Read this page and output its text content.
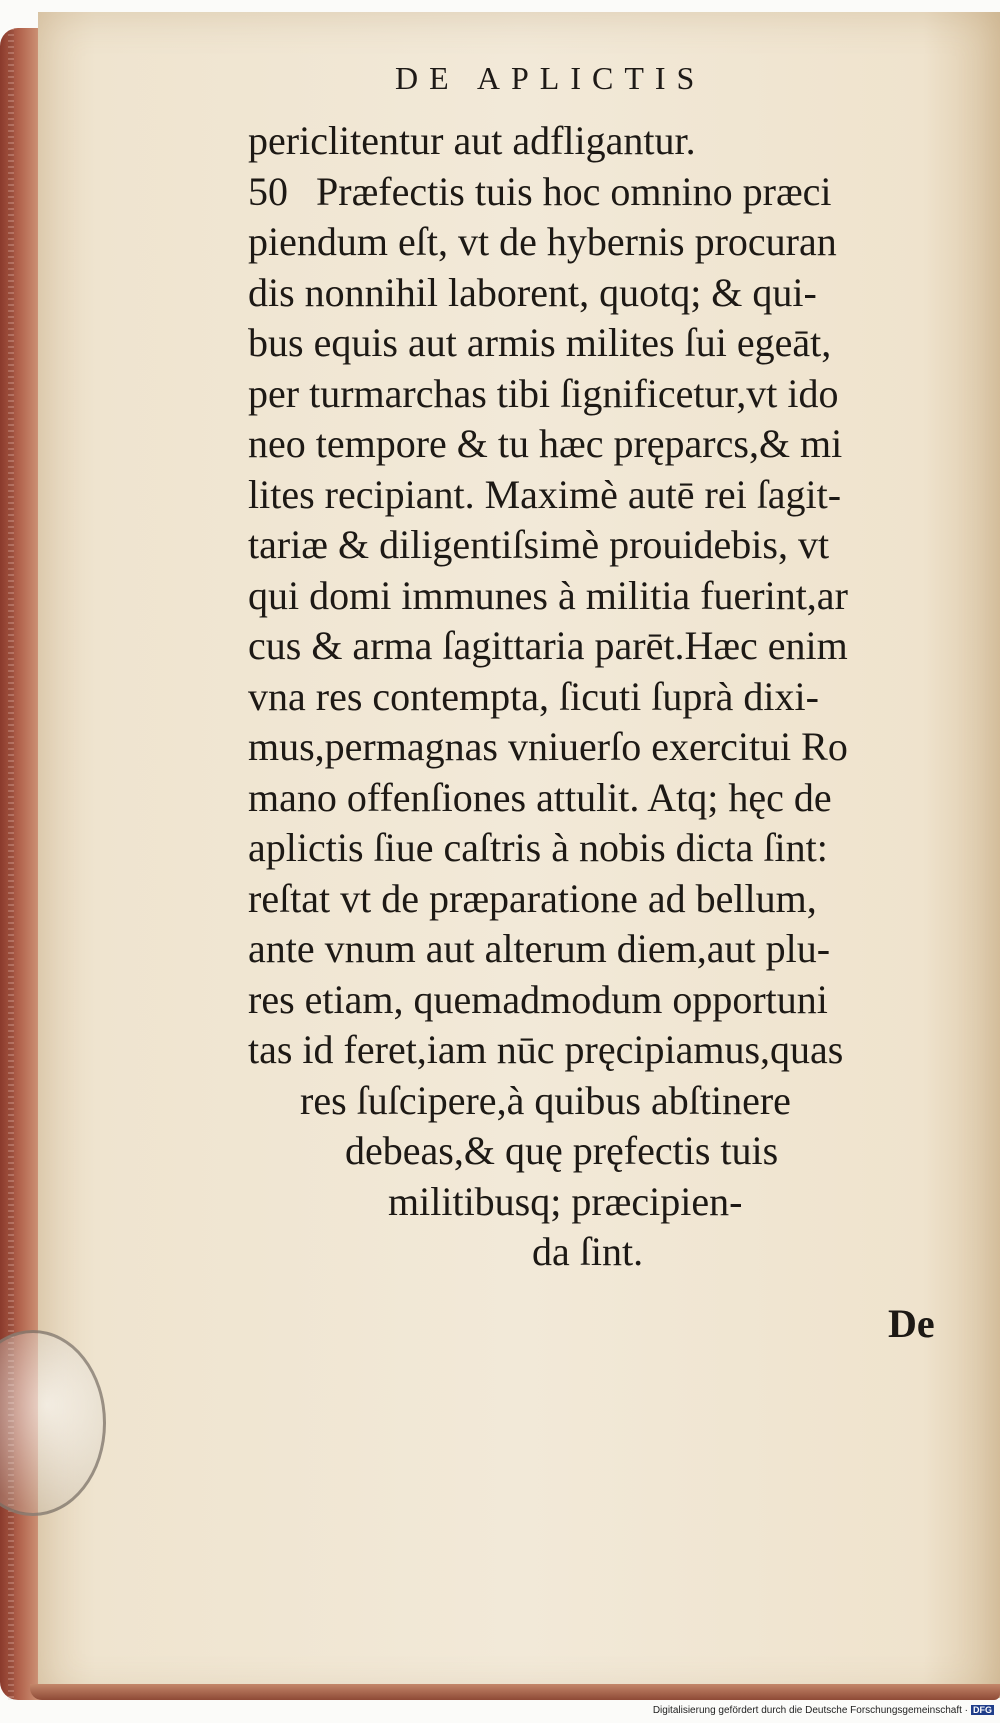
DE APLICTIS
periclitentur aut adfligantur.
50 Præfectis tuis hoc omnino præci
piendum eſt, vt de hybernis procuran
dis nonnihil laborent, quotq; & qui-
bus equis aut armis milites ſui egeāt,
per turmarchas tibi ſignificetur,vt ido
neo tempore & tu hæc pręparcs,& mi
lites recipiant. Maximè autē rei ſagit-
tariæ & diligentiſsimè prouidebis, vt
qui domi immunes à militia fuerint,ar
cus & arma ſagittaria parēt.Hæc enim
vna res contempta, ſicuti ſuprà dixi-
mus,permagnas vniuerſo exercitui Ro
mano offenſiones attulit. Atq; hęc de
aplictis ſiue caſtris à nobis dicta ſint:
reſtat vt de præparatione ad bellum,
ante vnum aut alterum diem,aut plu-
res etiam, quemadmodum opportuni
tas id feret,iam nūc pręcipiamus,quas
res ſuſcipere,à quibus abſtinere
debeas,& quę pręfectis tuis
militibusq; præcipien-
da ſint.
De
Digitalisierung gefördert durch die Deutsche Forschungsgemeinschaft · DFG
